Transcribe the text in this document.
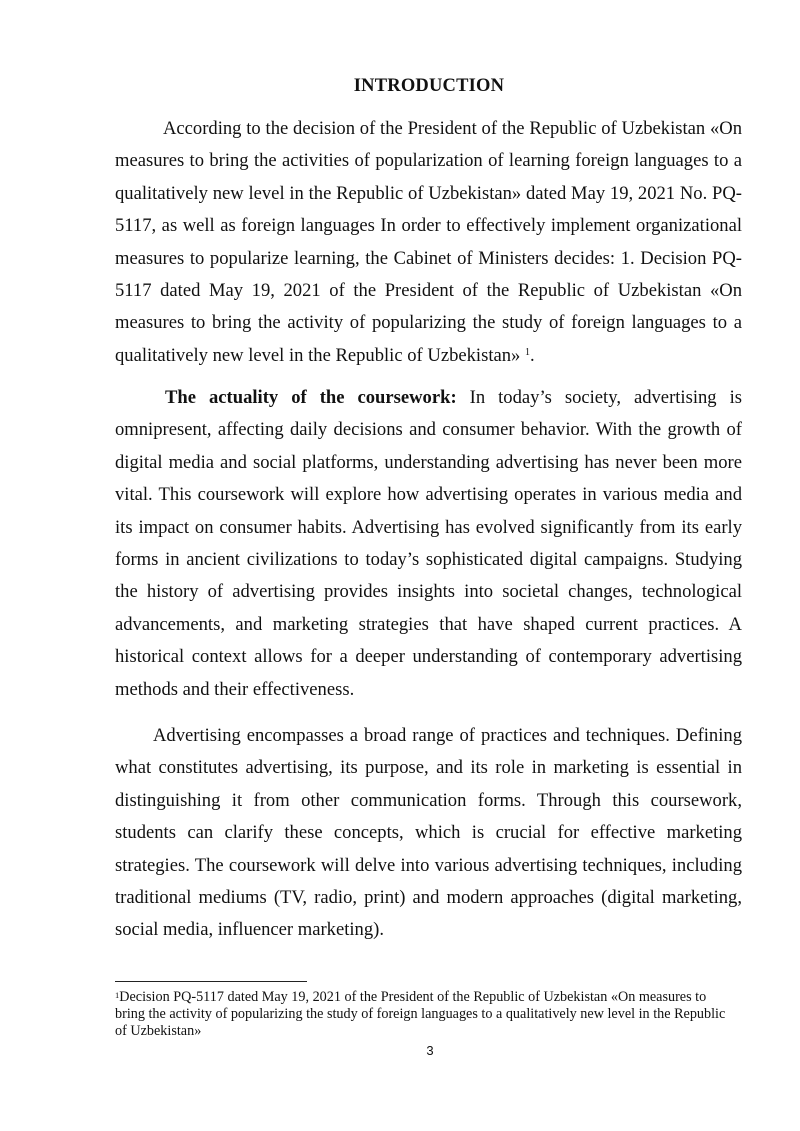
INTRODUCTION

According to the decision of the President of the Republic of Uzbekistan «On measures to bring the activities of popularization of learning foreign languages to a qualitatively new level in the Republic of Uzbekistan» dated May 19, 2021 No. PQ-5117, as well as foreign languages In order to effectively implement organizational measures to popularize learning, the Cabinet of Ministers decides: 1. Decision PQ-5117 dated May 19, 2021 of the President of the Republic of Uzbekistan «On measures to bring the activity of popularizing the study of foreign languages to a qualitatively new level in the Republic of Uzbekistan» $^1$.

The actuality of the coursework: In today’s society, advertising is omnipresent, affecting daily decisions and consumer behavior. With the growth of digital media and social platforms, understanding advertising has never been more vital. This coursework will explore how advertising operates in various media and its impact on consumer habits. Advertising has evolved significantly from its early forms in ancient civilizations to today’s sophisticated digital campaigns. Studying the history of advertising provides insights into societal changes, technological advancements, and marketing strategies that have shaped current practices. A historical context allows for a deeper understanding of contemporary advertising methods and their effectiveness.

Advertising encompasses a broad range of practices and techniques. Defining what constitutes advertising, its purpose, and its role in marketing is essential in distinguishing it from other communication forms. Through this coursework, students can clarify these concepts, which is crucial for effective marketing strategies. The coursework will delve into various advertising techniques, including traditional mediums (TV, radio, print) and modern approaches (digital marketing, social media, influencer marketing).

$^1$Decision PQ-5117 dated May 19, 2021 of the President of the Republic of Uzbekistan «On measures to bring the activity of popularizing the study of foreign languages to a qualitatively new level in the Republic of Uzbekistan»
3
